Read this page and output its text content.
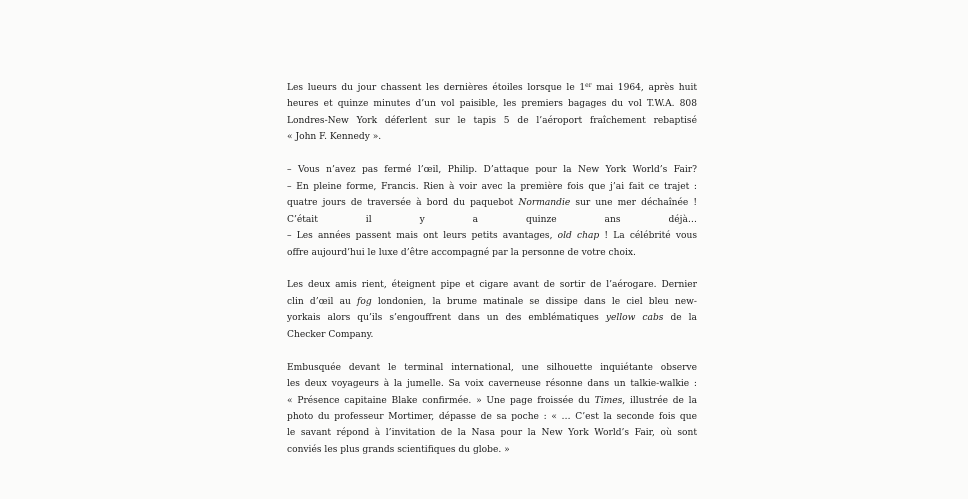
Les lueurs du jour chassent les dernières étoiles lorsque le 1er mai 1964, après huit
heures et quinze minutes d’un vol paisible, les premiers bagages du vol T.W.A. 808
Londres-New York déferlent sur le tapis 5 de l’aéroport fraîchement rebaptisé
« John F. Kennedy ».
– Vous n’avez pas fermé l’œil, Philip. D’attaque pour la New York World’s Fair?
– En pleine forme, Francis. Rien à voir avec la première fois que j’ai fait ce trajet :
quatre jours de traversée à bord du paquebot Normandie sur une mer déchaînée !
C’était il y a quinze ans déjà…
– Les années passent mais ont leurs petits avantages, old chap ! La célébrité vous
offre aujourd’hui le luxe d’être accompagné par la personne de votre choix.
Les deux amis rient, éteignent pipe et cigare avant de sortir de l’aérogare. Dernier
clin d’œil au fog londonien, la brume matinale se dissipe dans le ciel bleu new-
yorkais alors qu’ils s’engouffrent dans un des emblématiques yellow cabs de la
Checker Company.
Embusquée devant le terminal international, une silhouette inquiétante observe
les deux voyageurs à la jumelle. Sa voix caverneuse résonne dans un talkie-walkie :
« Présence capitaine Blake confirmée. » Une page froissée du Times, illustrée de la
photo du professeur Mortimer, dépasse de sa poche : « … C’est la seconde fois que
le savant répond à l’invitation de la Nasa pour la New York World’s Fair, où sont
conviés les plus grands scientifiques du globe. »
